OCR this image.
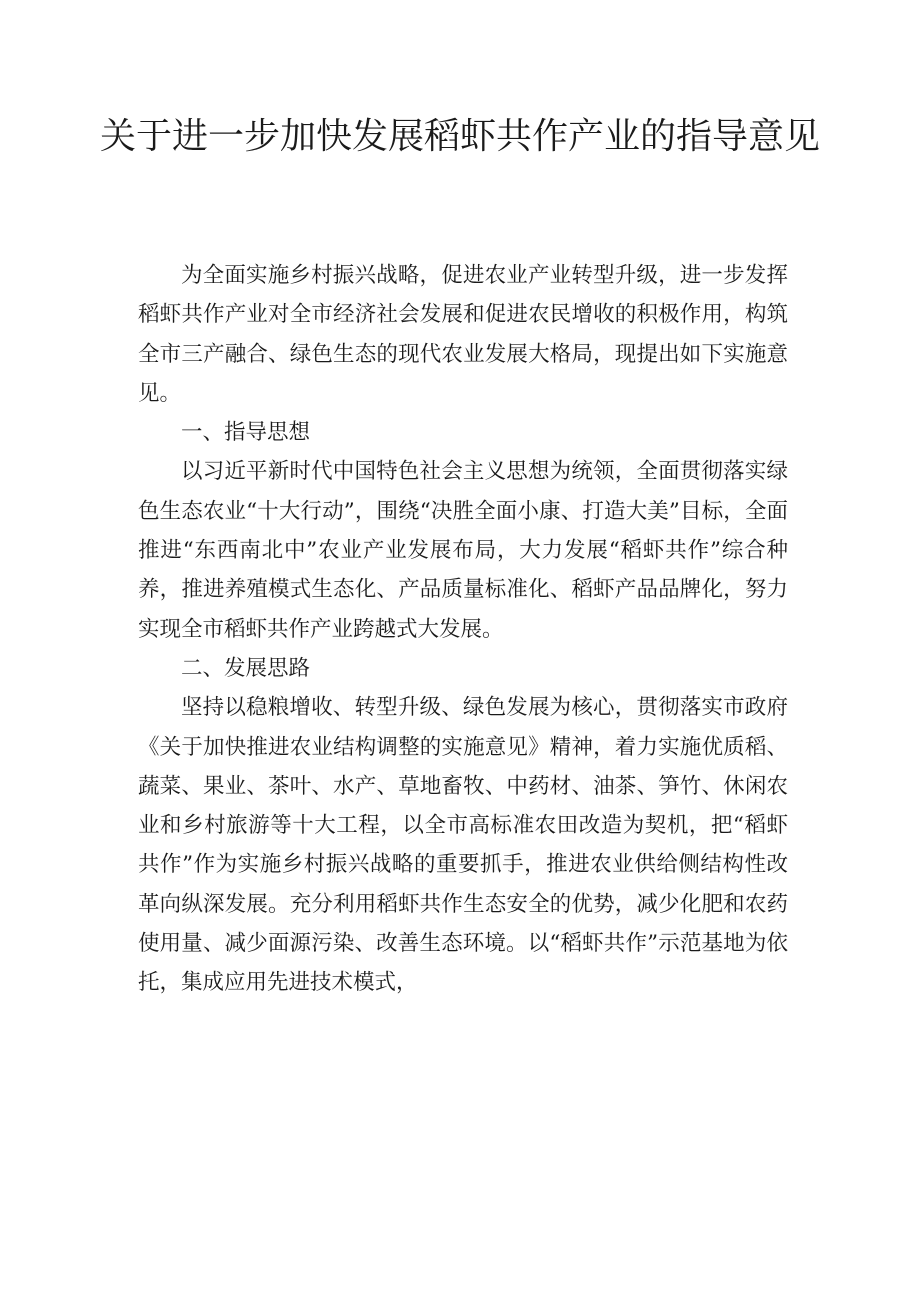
关于进一步加快发展稻虾共作产业的指导意见

为全面实施乡村振兴战略，促进农业产业转型升级，进一步发挥稻虾共作产业对全市经济社会发展和促进农民增收的积极作用，构筑全市三产融合、绿色生态的现代农业发展大格局，现提出如下实施意见。

一、指导思想

以习近平新时代中国特色社会主义思想为统领，全面贯彻落实绿色生态农业“十大行动”，围绕“决胜全面小康、打造大美”目标，全面推进“东西南北中”农业产业发展布局，大力发展“稻虾共作”综合种养，推进养殖模式生态化、产品质量标准化、稻虾产品品牌化，努力实现全市稻虾共作产业跨越式大发展。

二、发展思路

坚持以稳粮增收、转型升级、绿色发展为核心，贯彻落实市政府《关于加快推进农业结构调整的实施意见》精神，着力实施优质稻、蔬菜、果业、茶叶、水产、草地畜牧、中药材、油茶、笋竹、休闲农业和乡村旅游等十大工程，以全市高标准农田改造为契机，把“稻虾共作”作为实施乡村振兴战略的重要抓手，推进农业供给侧结构性改革向纵深发展。充分利用稻虾共作生态安全的优势，减少化肥和农药使用量、减少面源污染、改善生态环境。以“稻虾共作”示范基地为依托，集成应用先进技术模式，
